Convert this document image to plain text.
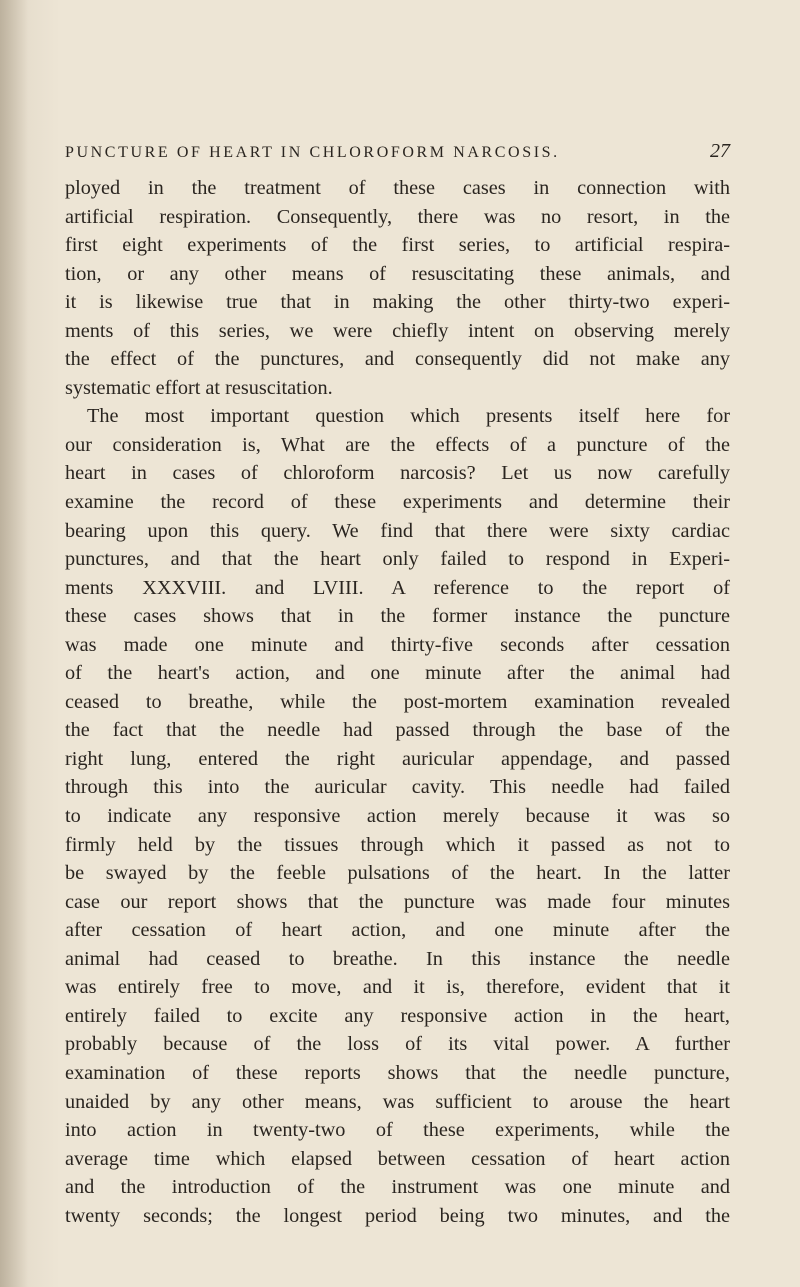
PUNCTURE OF HEART IN CHLOROFORM NARCOSIS.	27
ployed in the treatment of these cases in connection with
artificial respiration. Consequently, there was no resort, in the
first eight experiments of the first series, to artificial respira-
tion, or any other means of resuscitating these animals, and
it is likewise true that in making the other thirty-two experi-
ments of this series, we were chiefly intent on observing merely
the effect of the punctures, and consequently did not make any
systematic effort at resuscitation.
The most important question which presents itself here for
our consideration is, What are the effects of a puncture of the
heart in cases of chloroform narcosis? Let us now carefully
examine the record of these experiments and determine their
bearing upon this query. We find that there were sixty cardiac
punctures, and that the heart only failed to respond in Experi-
ments XXXVIII. and LVIII. A reference to the report of
these cases shows that in the former instance the puncture
was made one minute and thirty-five seconds after cessation
of the heart's action, and one minute after the animal had
ceased to breathe, while the post-mortem examination revealed
the fact that the needle had passed through the base of the
right lung, entered the right auricular appendage, and passed
through this into the auricular cavity. This needle had failed
to indicate any responsive action merely because it was so
firmly held by the tissues through which it passed as not to
be swayed by the feeble pulsations of the heart. In the latter
case our report shows that the puncture was made four minutes
after cessation of heart action, and one minute after the
animal had ceased to breathe. In this instance the needle
was entirely free to move, and it is, therefore, evident that it
entirely failed to excite any responsive action in the heart,
probably because of the loss of its vital power. A further
examination of these reports shows that the needle puncture,
unaided by any other means, was sufficient to arouse the heart
into action in twenty-two of these experiments, while the
average time which elapsed between cessation of heart action
and the introduction of the instrument was one minute and
twenty seconds; the longest period being two minutes, and the
